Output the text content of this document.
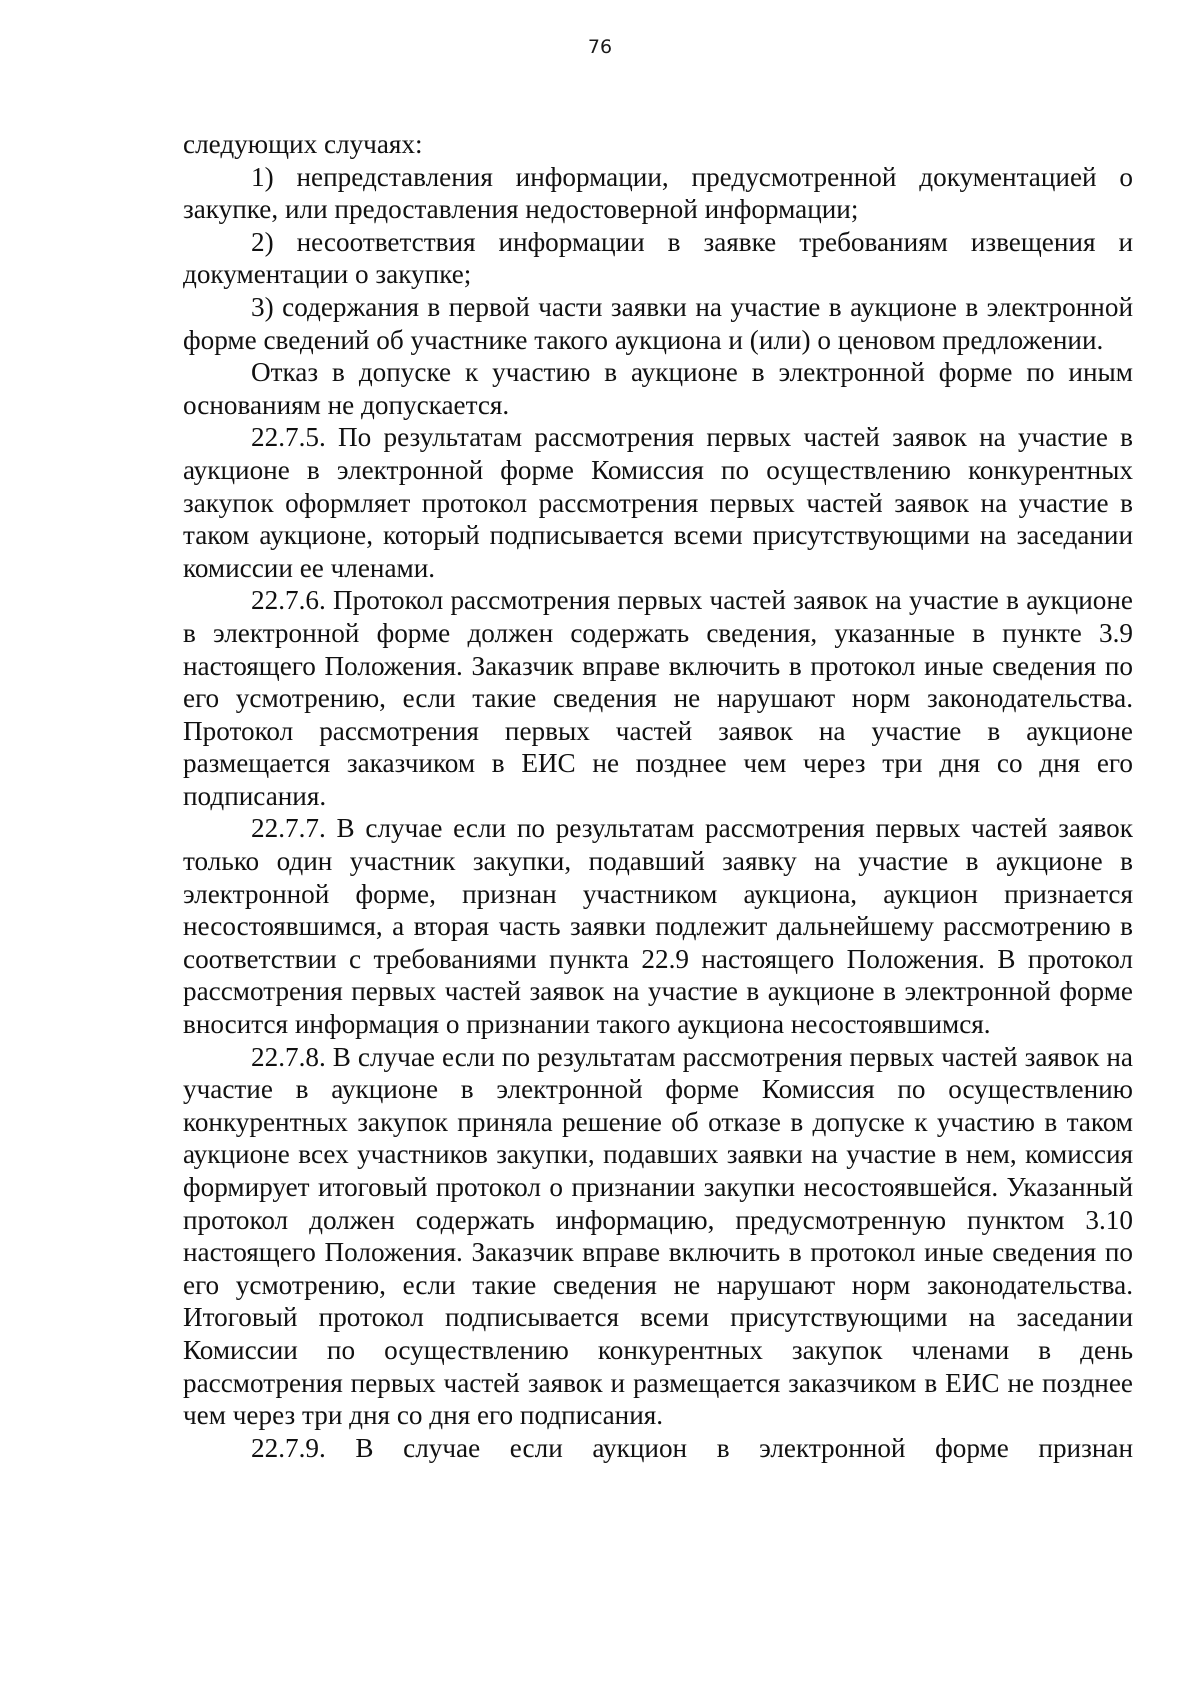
76

следующих случаях:

1) непредставления информации, предусмотренной документацией о закупке, или предоставления недостоверной информации;

2) несоответствия информации в заявке требованиям извещения и документации о закупке;

3) содержания в первой части заявки на участие в аукционе в электронной форме сведений об участнике такого аукциона и (или) о ценовом предложении.

Отказ в допуске к участию в аукционе в электронной форме по иным основаниям не допускается.

22.7.5. По результатам рассмотрения первых частей заявок на участие в аукционе в электронной форме Комиссия по осуществлению конкурентных закупок оформляет протокол рассмотрения первых частей заявок на участие в таком аукционе, который подписывается всеми присутствующими на заседании комиссии ее членами.

22.7.6. Протокол рассмотрения первых частей заявок на участие в аукционе в электронной форме должен содержать сведения, указанные в пункте 3.9 настоящего Положения. Заказчик вправе включить в протокол иные сведения по его усмотрению, если такие сведения не нарушают норм законодательства. Протокол рассмотрения первых частей заявок на участие в аукционе размещается заказчиком в ЕИС не позднее чем через три дня со дня его подписания.

22.7.7. В случае если по результатам рассмотрения первых частей заявок только один участник закупки, подавший заявку на участие в аукционе в электронной форме, признан участником аукциона, аукцион признается несостоявшимся, а вторая часть заявки подлежит дальнейшему рассмотрению в соответствии с требованиями пункта 22.9 настоящего Положения. В протокол рассмотрения первых частей заявок на участие в аукционе в электронной форме вносится информация о признании такого аукциона несостоявшимся.

22.7.8. В случае если по результатам рассмотрения первых частей заявок на участие в аукционе в электронной форме Комиссия по осуществлению конкурентных закупок приняла решение об отказе в допуске к участию в таком аукционе всех участников закупки, подавших заявки на участие в нем, комиссия формирует итоговый протокол о признании закупки несостоявшейся. Указанный протокол должен содержать информацию, предусмотренную пунктом 3.10 настоящего Положения. Заказчик вправе включить в протокол иные сведения по его усмотрению, если такие сведения не нарушают норм законодательства. Итоговый протокол подписывается всеми присутствующими на заседании Комиссии по осуществлению конкурентных закупок членами в день рассмотрения первых частей заявок и размещается заказчиком в ЕИС не позднее чем через три дня со дня его подписания.

22.7.9. В случае если аукцион в электронной форме признан
